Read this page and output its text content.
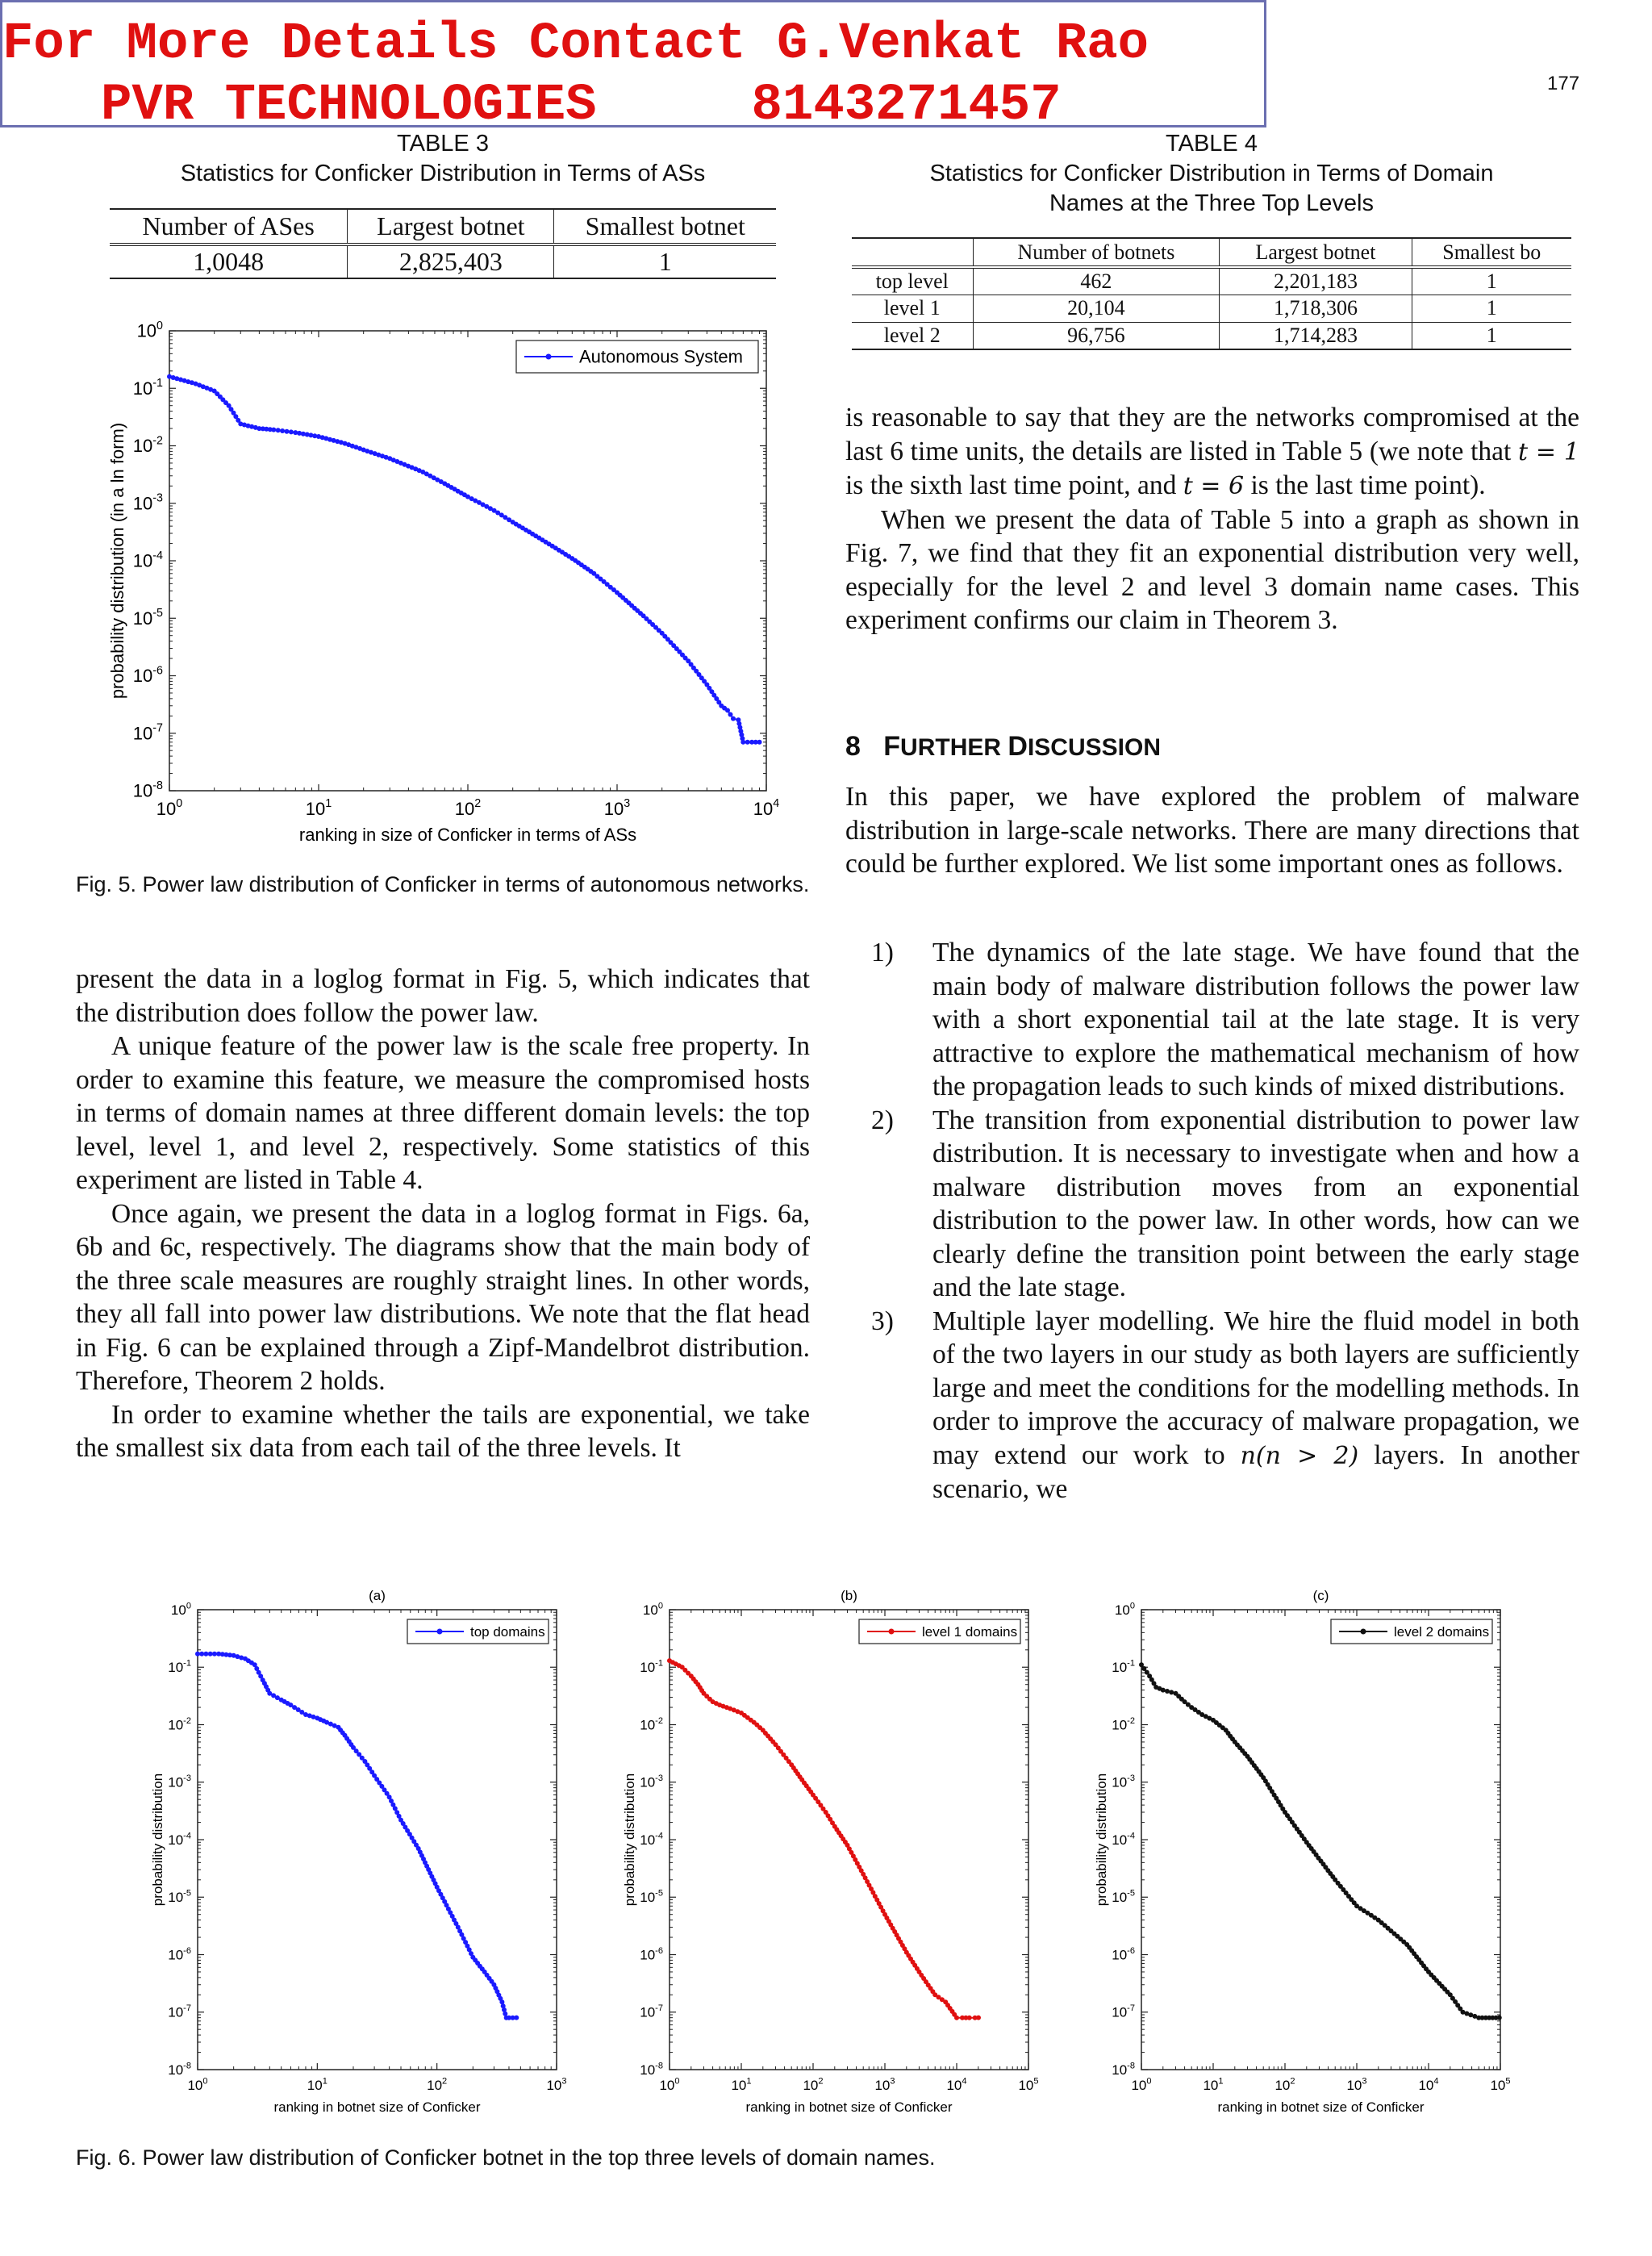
For More Details Contact G.Venkat Rao
PVR TECHNOLOGIES     8143271457	177
TABLE 3
Statistics for Conficker Distribution in Terms of ASs
Number of ASes	Largest botnet	Smallest botnet
1,0048	2,825,403	1
TABLE 4
Statistics for Conficker Distribution in Terms of Domain
Names at the Three Top Levels
	Number of botnets	Largest botnet	Smallest bo
top level	462	2,201,183	1
level 1	20,104	1,718,306	1
level 2	96,756	1,714,283	1
$10^0$	$10^1$	$10^2$	$10^3$	$10^4$
$10^0$
$10^{-1}$
$10^{-2}$
$10^{-3}$
$10^{-4}$
$10^{-5}$
$10^{-6}$
$10^{-7}$
$10^{-8}$
ranking in size of Conficker in terms of ASs
probability distribution (in a ln form)
Autonomous System
Fig. 5. Power law distribution of Conficker in terms of autonomous networks.

present the data in a loglog format in Fig. 5, which indicates that the distribution does follow the power law.

A unique feature of the power law is the scale free property. In order to examine this feature, we measure the compromised hosts in terms of domain names at three different domain levels: the top level, level 1, and level 2, respectively. Some statistics of this experiment are listed in Table 4.

Once again, we present the data in a loglog format in Figs. 6a, 6b and 6c, respectively. The diagrams show that the main body of the three scale measures are roughly straight lines. In other words, they all fall into power law distributions. We note that the flat head in Fig. 6 can be explained through a Zipf-Mandelbrot distribution. Therefore, Theorem 2 holds.

In order to examine whether the tails are exponential, we take the smallest six data from each tail of the three levels. It

is reasonable to say that they are the networks compromised at the last 6 time units, the details are listed in Table 5 (we note that t = 1 is the sixth last time point, and t = 6 is the last time point).

When we present the data of Table 5 into a graph as shown in Fig. 7, we find that they fit an exponential distribution very well, especially for the level 2 and level 3 domain name cases. This experiment confirms our claim in Theorem 3.

8 FURTHER DISCUSSION

In this paper, we have explored the problem of malware distribution in large-scale networks. There are many directions that could be further explored. We list some important ones as follows.

1)	The dynamics of the late stage. We have found that the main body of malware distribution follows the power law with a short exponential tail at the late stage. It is very attractive to explore the mathematical mechanism of how the propagation leads to such kinds of mixed distributions.
2)	The transition from exponential distribution to power law distribution. It is necessary to investigate when and how a malware distribution moves from an exponential distribution to the power law. In other words, how can we clearly define the transition point between the early stage and the late stage.
3)	Multiple layer modelling. We hire the fluid model in both of the two layers in our study as both layers are sufficiently large and meet the conditions for the modelling methods. In order to improve the accuracy of malware propagation, we may extend our work to n(n > 2) layers. In another scenario, we
(a)
$10^0$	$10^1$	$10^2$	$10^3$
$10^0$
$10^{-1}$
$10^{-2}$
$10^{-3}$
$10^{-4}$
$10^{-5}$
$10^{-6}$
$10^{-7}$
$10^{-8}$
ranking in botnet size of Conficker
probability distribution
top domains
(b)
$10^0$	$10^1$	$10^2$	$10^3$	$10^4$	$10^5$
$10^0$
$10^{-1}$
$10^{-2}$
$10^{-3}$
$10^{-4}$
$10^{-5}$
$10^{-6}$
$10^{-7}$
$10^{-8}$
ranking in botnet size of Conficker
probability distribution
level 1 domains
(c)
$10^0$	$10^1$	$10^2$	$10^3$	$10^4$	$10^5$
$10^0$
$10^{-1}$
$10^{-2}$
$10^{-3}$
$10^{-4}$
$10^{-5}$
$10^{-6}$
$10^{-7}$
$10^{-8}$
ranking in botnet size of Conficker
probability distribution
level 2 domains
Fig. 6. Power law distribution of Conficker botnet in the top three levels of domain names.
